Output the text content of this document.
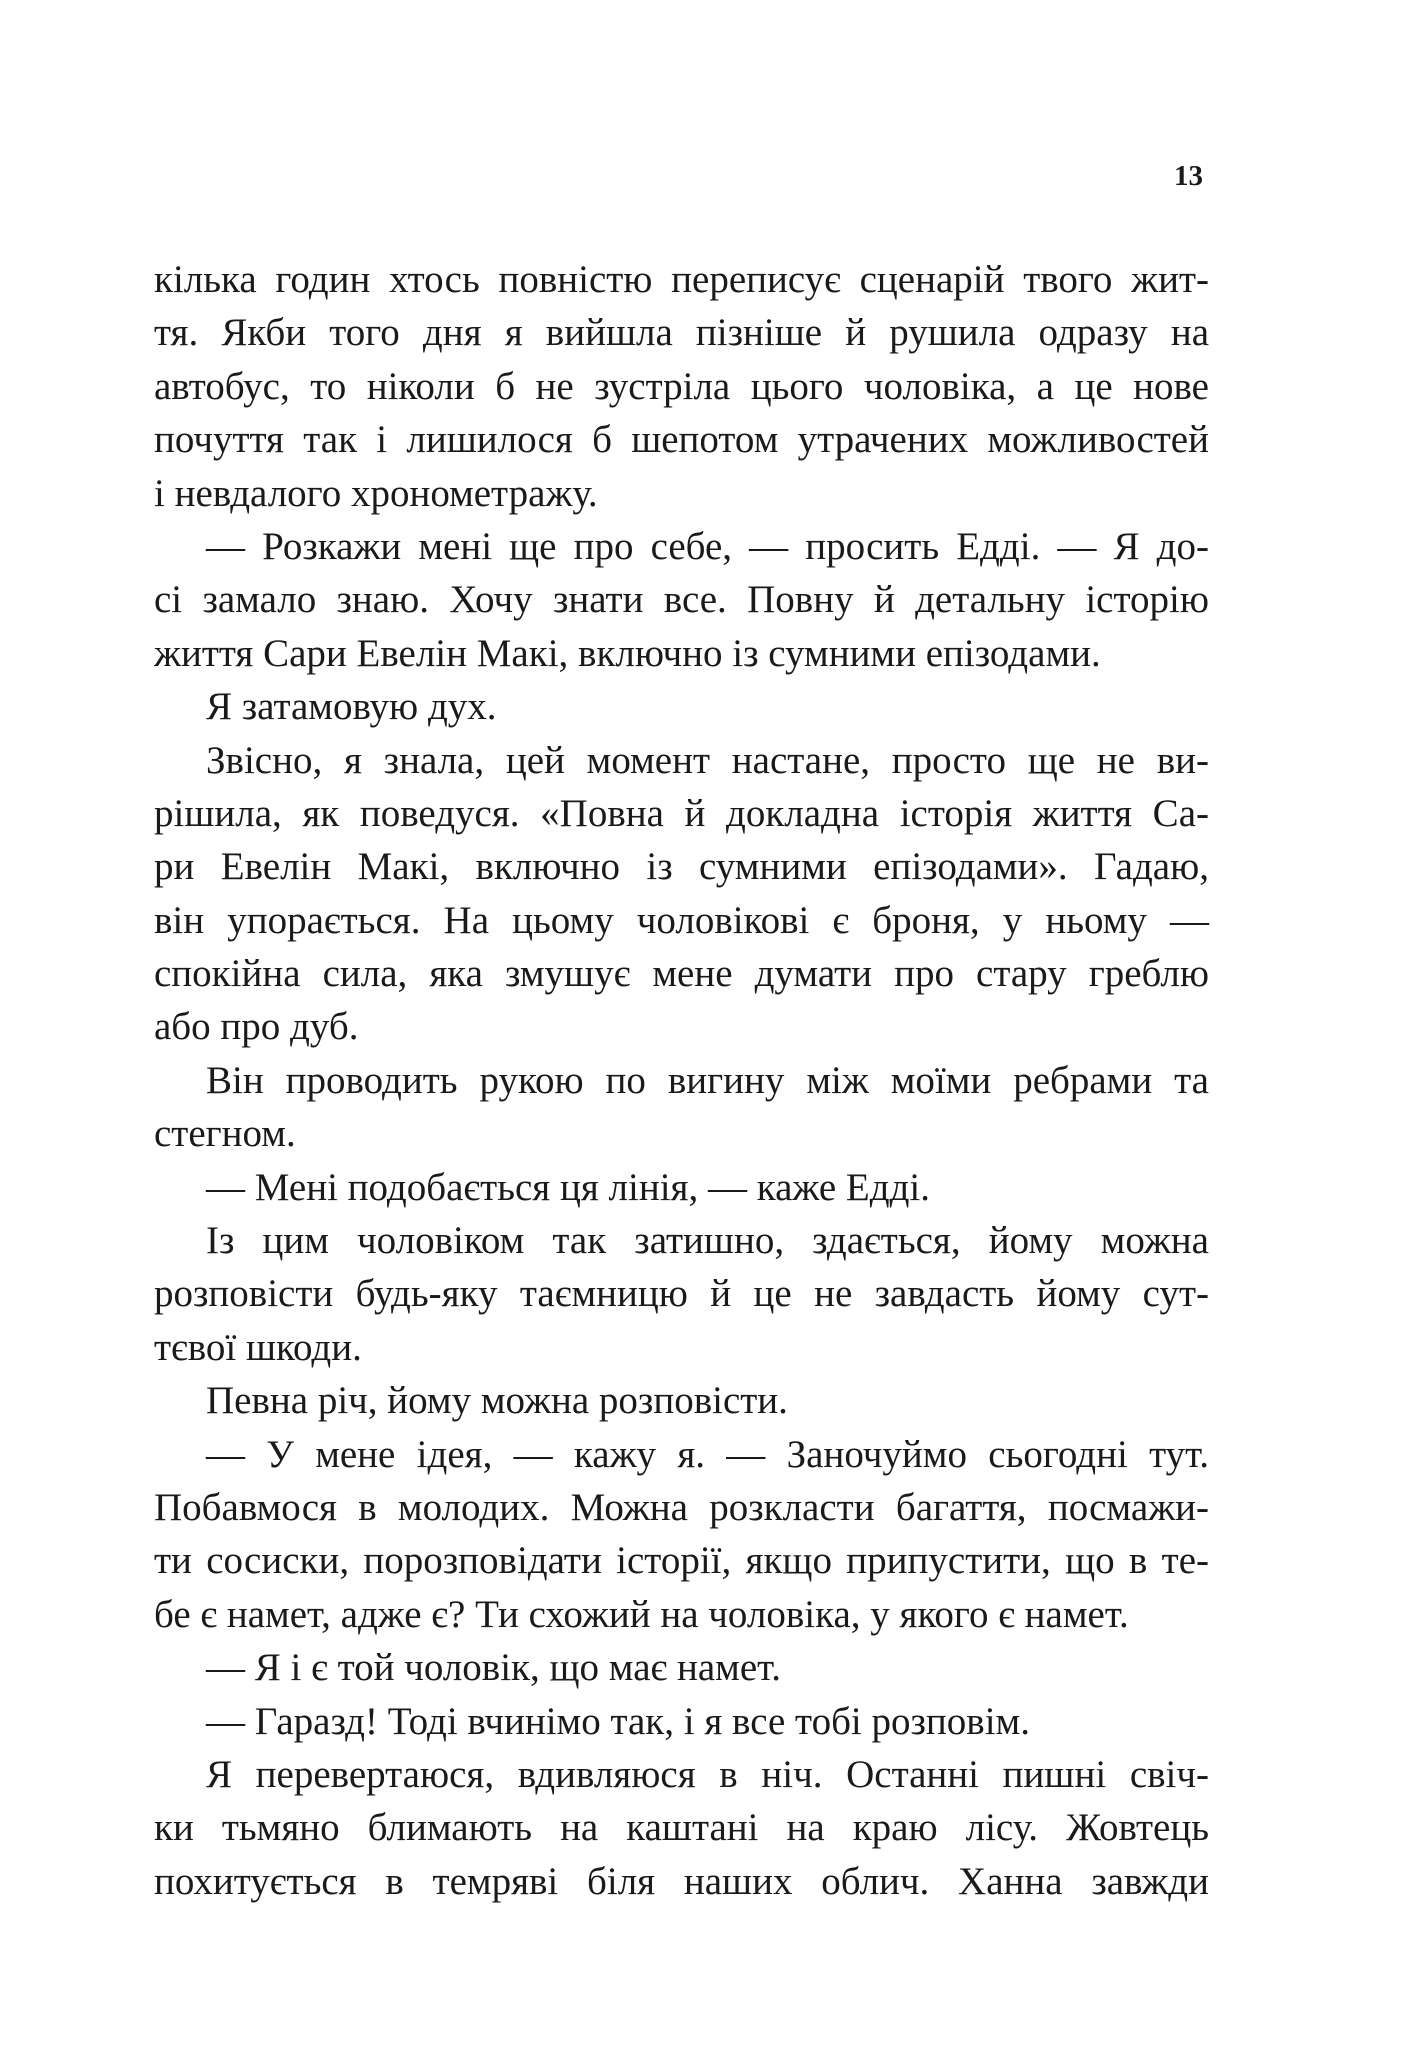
13
кілька годин хтось повністю переписує сценарій твого жит-
тя. Якби того дня я вийшла пізніше й рушила одразу на
автобус, то ніколи б не зустріла цього чоловіка, а це нове
почуття так і лишилося б шепотом утрачених можливостей
і невдалого хронометражу.
— Розкажи мені ще про себе, — просить Едді. — Я до-
сі замало знаю. Хочу знати все. Повну й детальну історію
життя Сари Евелін Макі, включно із сумними епізодами.
Я затамовую дух.
Звісно, я знала, цей момент настане, просто ще не ви-
рішила, як поведуся. «Повна й докладна історія життя Са-
ри Евелін Макі, включно із сумними епізодами». Гадаю,
він упорається. На цьому чоловікові є броня, у ньому —
спокійна сила, яка змушує мене думати про стару греблю
або про дуб.
Він проводить рукою по вигину між моїми ребрами та
стегном.
— Мені подобається ця лінія, — каже Едді.
Із цим чоловіком так затишно, здається, йому можна
розповісти будь-яку таємницю й це не завдасть йому сут-
тєвої шкоди.
Певна річ, йому можна розповісти.
— У мене ідея, — кажу я. — Заночуймо сьогодні тут.
Побавмося в молодих. Можна розкласти багаття, посмажи-
ти сосиски, порозповідати історії, якщо припустити, що в те-
бе є намет, адже є? Ти схожий на чоловіка, у якого є намет.
— Я і є той чоловік, що має намет.
— Гаразд! Тоді вчинімо так, і я все тобі розповім.
Я перевертаюся, вдивляюся в ніч. Останні пишні свіч-
ки тьмяно блимають на каштані на краю лісу. Жовтець
похитується в темряві біля наших облич. Ханна завжди
